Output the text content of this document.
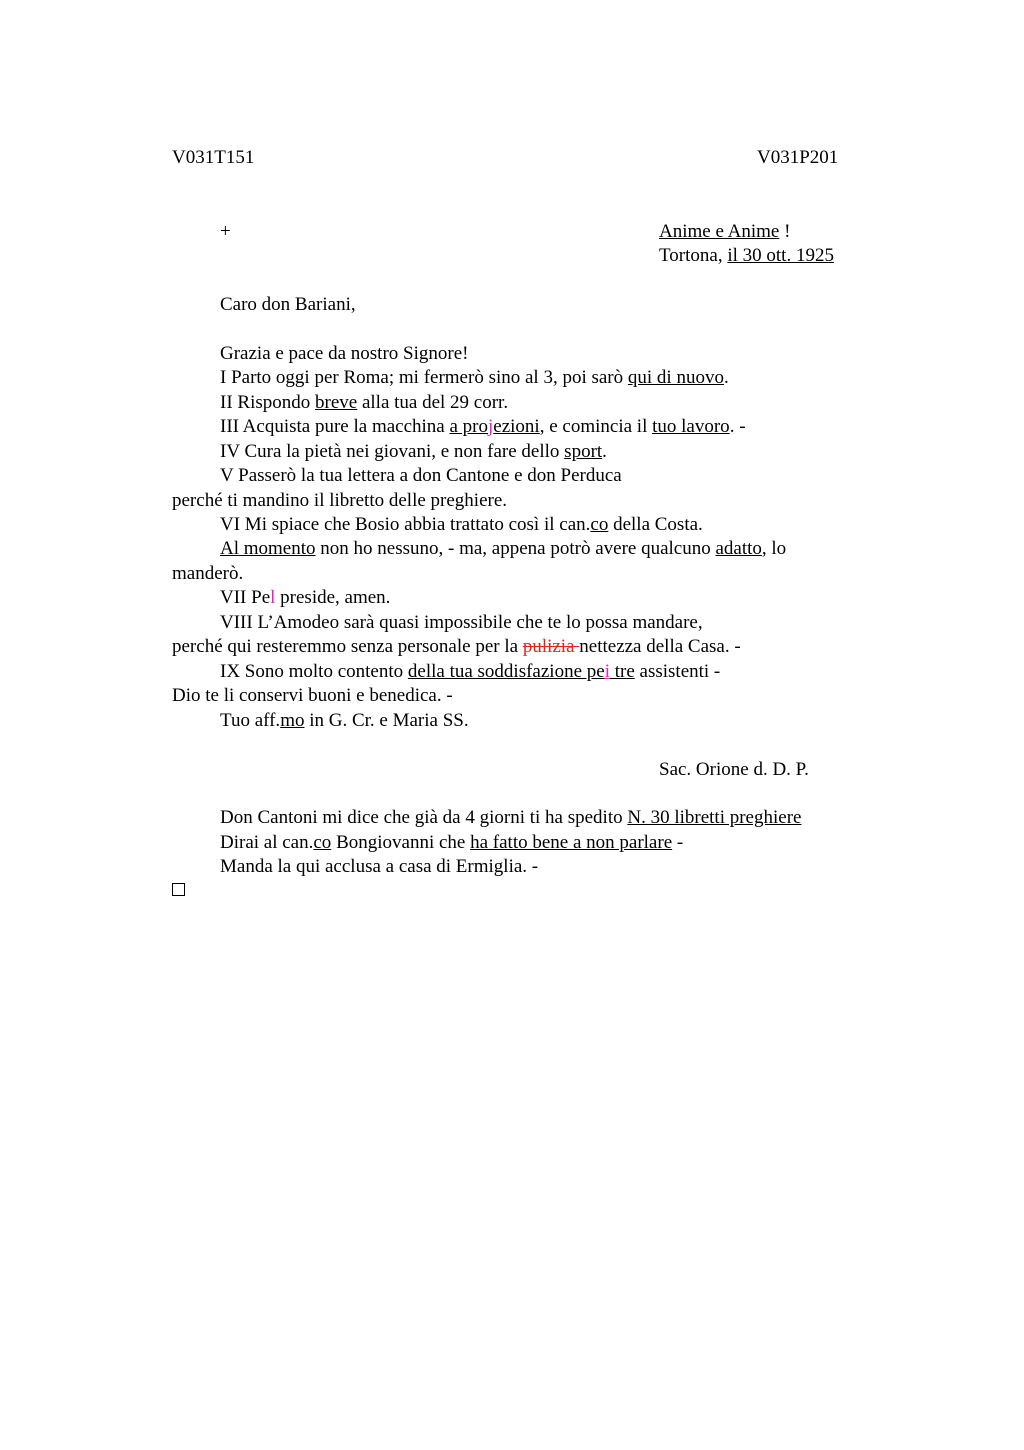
V031T151	V031P201
+	Anime e Anime !
Tortona, il 30 ott. 1925
Caro don Bariani,
Grazia e pace da nostro Signore!
I Parto oggi per Roma; mi fermerò sino al 3, poi sarò qui di nuovo.
II Rispondo breve alla tua del 29 corr.
III Acquista pure la macchina a projezioni, e comincia il tuo lavoro. -
IV Cura la pietà nei giovani, e non fare dello sport.
V Passerò la tua lettera a don Cantone e don Perduca
perché ti mandino il libretto delle preghiere.
VI Mi spiace che Bosio abbia trattato così il can.co della Costa.
Al momento non ho nessuno, - ma, appena potrò avere qualcuno adatto, lo
manderò.
VII Pel preside, amen.
VIII L’Amodeo sarà quasi impossibile che te lo possa mandare,
perché qui resteremmo senza personale per la pulizia nettezza della Casa. -
IX Sono molto contento della tua soddisfazione pei tre assistenti -
Dio te li conservi buoni e benedica. -
Tuo aff.mo in G. Cr. e Maria SS.
Sac. Orione d. D. P.
Don Cantoni mi dice che già da 4 giorni ti ha spedito N. 30 libretti preghiere
Dirai al can.co Bongiovanni che ha fatto bene a non parlare -
Manda la qui acclusa a casa di Ermiglia. -
